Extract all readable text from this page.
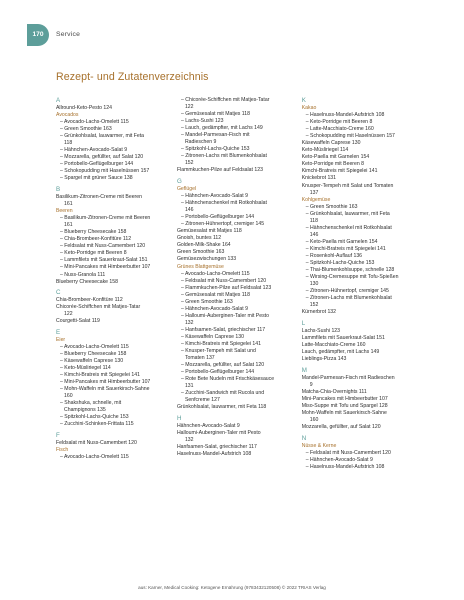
170	Service
Rezept- und Zutatenverzeichnis
A
Allround-Keto-Pesto 124
Avocados
– Avocado-Lachs-Omelett 115
– Green Smoothie 163
– Grünkohlsalat, lauwarmer, mit Feta
118
– Hähnchen-Avocado-Salat 9
– Mozzarella, gefüllter, auf Salat 120
– Portobello-Geflügelburger 144
– Schokopudding mit Haselnüssen 157
– Spargel mit grüner Sauce 138
B
Basilikum-Zitronen-Creme mit Beeren
161
Beeren
– Basilikum-Zitronen-Creme mit Beeren
161
– Blueberry Cheesecake 158
– Chia-Brombeer-Konfitüre 112
– Feldsalat mit Nuss-Camembert 120
– Keto-Porridge mit Beeren 8
– Lammfilets mit Sauerkraut-Salat 151
– Mini-Pancakes mit Himbeerbutter 107
– Nuss-Granola 111
Blueberry Cheesecake 158
C
Chia-Brombeer-Konfitüre 112
Chicorée-Schiffchen mit Matjes-Tatar
122
Courgetti-Salat 119
E
Eier
– Avocado-Lachs-Omelett 115
– Blueberry Cheesecake 158
– Käsewaffeln Caprese 130
– Keto-Müsliriegel 114
– Kimchi-Bratreis mit Spiegelei 141
– Mini-Pancakes mit Himbeerbutter 107
– Mohn-Waffeln mit Sauerkirsch-Sahne
160
– Shakshuka, schnelle, mit
Champignons 135
– Spitzkohl-Lachs-Quiche 153
– Zucchini-Schinken-Frittata 115
F
Feldsalat mit Nuss-Camembert 120
Fisch
– Avocado-Lachs-Omelett 115
– Chicorée-Schiffchen mit Matjes-Tatar
122
– Gemüsesalat mit Matjes 118
– Lachs-Sushi 123
– Lauch, gedämpfter, mit Lachs 149
– Mandel-Parmesan-Fisch mit
Radieschen 9
– Spitzkohl-Lachs-Quiche 153
– Zitronen-Lachs mit Blumenkohlsalat
152
Flammkuchen-Pilze auf Feldsalat 123
G
Geflügel
– Hähnchen-Avocado-Salat 9
– Hähnchenschenkel mit Rotkohlsalat
146
– Portobello-Geflügelburger 144
– Zitronen-Hühnertopf, cremiger 145
Gemüsesalat mit Matjes 118
Gnoish, buntes 112
Golden-Milk-Shake 164
Green Smoothie 163
Gemüsezwischungen 133
Grünes Blattgemüse
– Avocado-Lachs-Omelett 115
– Feldsalat mit Nuss-Camembert 120
– Flammkuchen-Pilze auf Feldsalat 123
– Gemüsesalat mit Matjes 118
– Green Smoothie 163
– Hähnchen-Avocado-Salat 9
– Halloumi-Auberginen-Taler mit Pesto
132
– Hanfsamen-Salat, griechischer 117
– Käsewaffeln Caprese 130
– Kimchi-Bratreis mit Spiegelei 141
– Knusper-Tempeh mit Salat und
Tomaten 137
– Mozzarella, gefüllter, auf Salat 120
– Portobello-Geflügelburger 144
– Rote Bete Nudeln mit Frischkäsesauce
131
– Zucchini-Sandwich mit Rucola und
Senfcreme 127
Grünkohlsalat, lauwarmer, mit Feta 118
H
Hähnchen-Avocado-Salat 9
Halloumi-Auberginen-Taler mit Pesto
132
Hanfsamen-Salat, griechischer 117
Haselnuss-Mandel-Aufstrich 108
K
Kakao
– Haselnuss-Mandel-Aufstrich 108
– Keto-Porridge mit Beeren 8
– Latte-Macchiato-Creme 160
– Schokopudding mit Haselnüssen 157
Käsewaffeln Caprese 130
Keto-Müsliriegel 114
Keto-Paella mit Garnelen 154
Keto-Porridge mit Beeren 8
Kimchi-Bratreis mit Spiegelei 141
Knickebrot 131
Knusper-Tempeh mit Salat und Tomaten
137
Kohlgemüse
– Green Smoothie 163
– Grünkohlsalat, lauwarmer, mit Feta
118
– Hähnchenschenkel mit Rotkohlsalat
146
– Keto-Paella mit Garnelen 154
– Kimchi-Bratreis mit Spiegelei 141
– Rosenkohl-Auflauf 136
– Spitzkohl-Lachs-Quiche 153
– Thai-Blumenkohlsuppe, schnelle 128
– Wirsing-Cremesuppe mit Tofu-Spießen
130
– Zitronen-Hühnertopf, cremiger 145
– Zitronen-Lachs mit Blumenkohlsalat
152
Kürnerbrot 132
L
Lachs-Sushi 123
Lammfilets mit Sauerkraut-Salat 151
Latte-Macchiato-Creme 160
Lauch, gedämpfter, mit Lachs 149
Lieblings-Pizza 143
M
Mandel-Parmesan-Fisch mit Radieschen
9
Matcha-Chia-Overnights 111
Mini-Pancakes mit Himbeerbutter 107
Miso-Suppe mit Tofu und Spargel 128
Mohn-Waffeln mit Sauerkirsch-Sahne
160
Mozzarella, gefüllter, auf Salat 120
N
Nüsse & Kerne
– Feldsalat mit Nuss-Camembert 120
– Hähnchen-Avocado-Salat 9
– Haselnuss-Mandel-Aufstrich 108
aus: Karner, Medical Cooking: Ketogene Ernährung (9783432120508) © 2022 TRIAS Verlag
